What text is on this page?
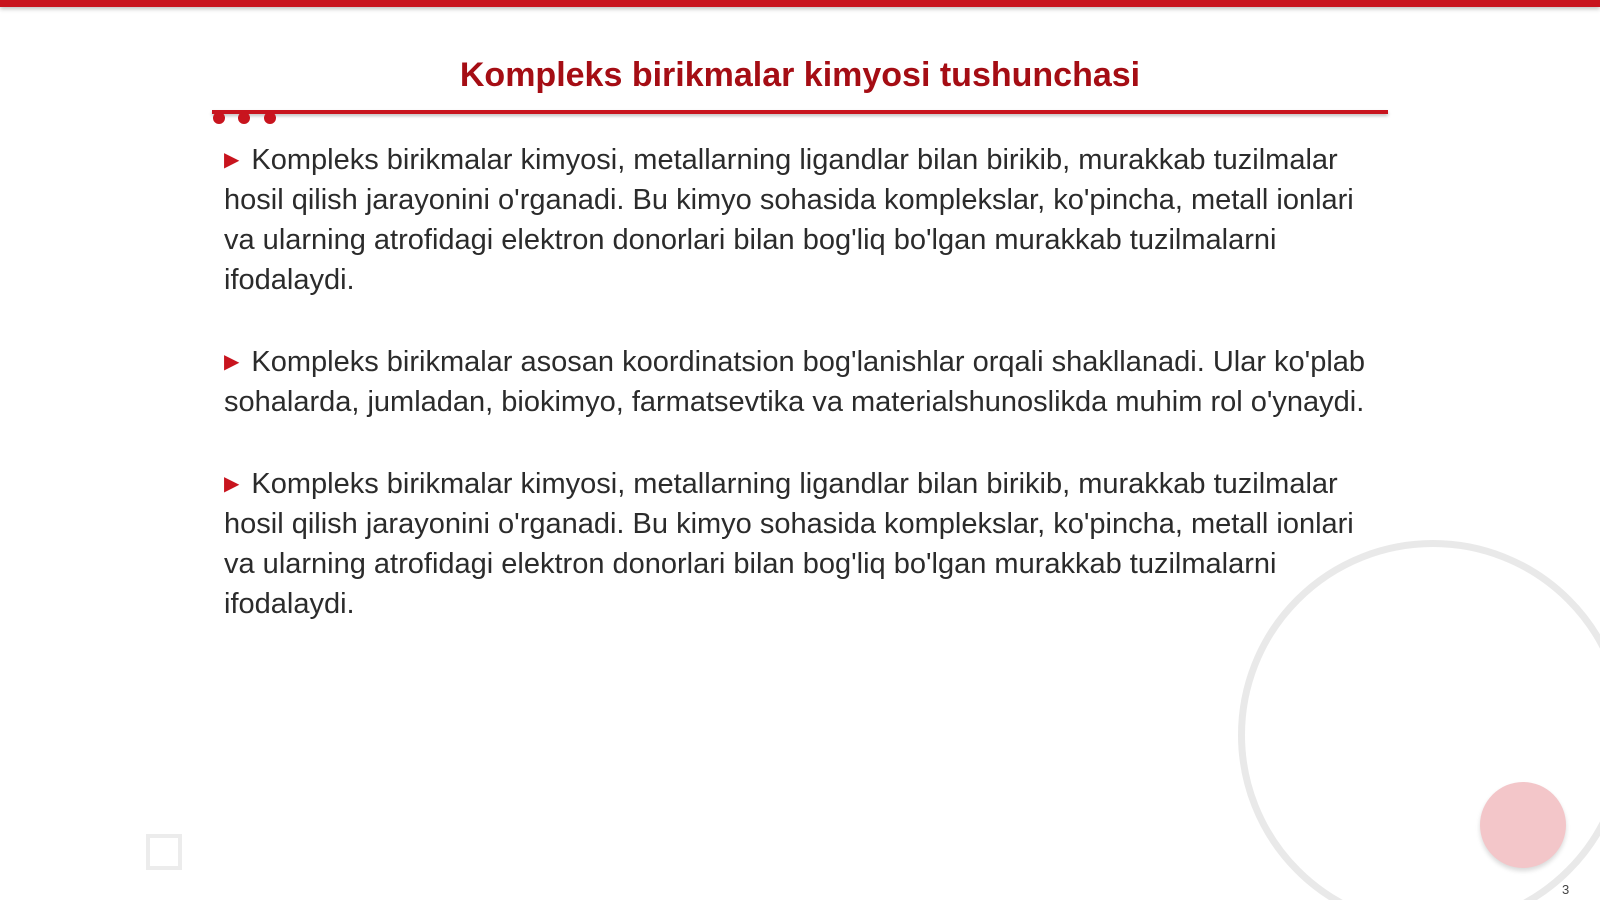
Kompleks birikmalar kimyosi tushunchasi

▶ Kompleks birikmalar kimyosi, metallarning ligandlar bilan birikib, murakkab tuzilmalar hosil qilish jarayonini o'rganadi. Bu kimyo sohasida komplekslar, ko'pincha, metall ionlari va ularning atrofidagi elektron donorlari bilan bog'liq bo'lgan murakkab tuzilmalarni ifodalaydi.

▶ Kompleks birikmalar asosan koordinatsion bog'lanishlar orqali shakllanadi. Ular ko'plab sohalarda, jumladan, biokimyo, farmatsevtika va materialshunoslikda muhim rol o'ynaydi.

▶ Kompleks birikmalar kimyosi, metallarning ligandlar bilan birikib, murakkab tuzilmalar hosil qilish jarayonini o'rganadi. Bu kimyo sohasida komplekslar, ko'pincha, metall ionlari va ularning atrofidagi elektron donorlari bilan bog'liq bo'lgan murakkab tuzilmalarni ifodalaydi.

3
